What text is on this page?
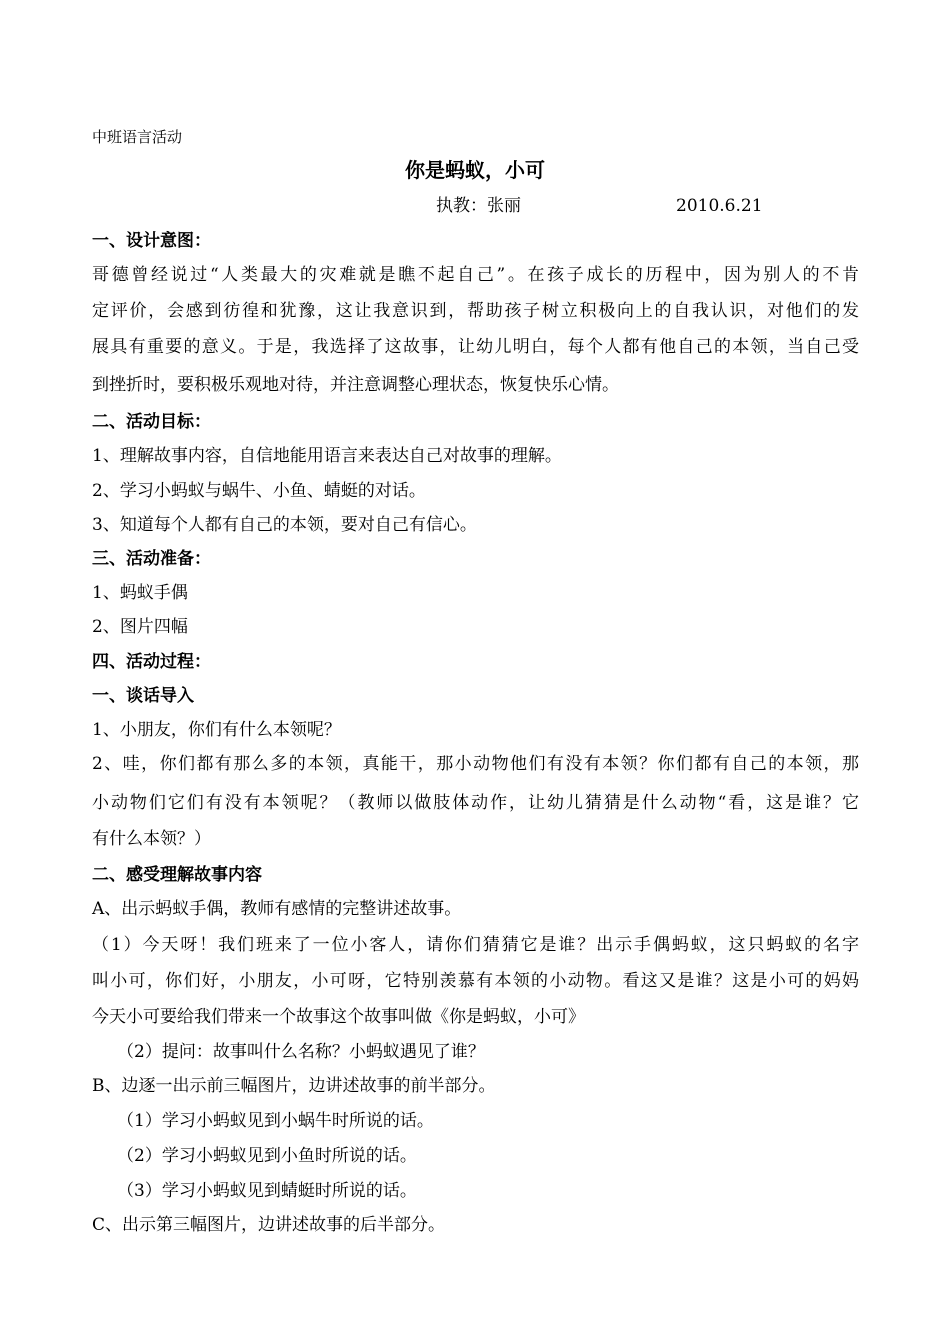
中班语言活动
你是蚂蚁，小可
执教：张丽	2010.6.21
一、设计意图：
哥德曾经说过“人类最大的灾难就是瞧不起自己”。在孩子成长的历程中，因为别人的不肯
定评价，会感到彷徨和犹豫，这让我意识到，帮助孩子树立积极向上的自我认识，对他们的发
展具有重要的意义。于是，我选择了这故事，让幼儿明白，每个人都有他自己的本领，当自己受
到挫折时，要积极乐观地对待，并注意调整心理状态，恢复快乐心情。
二、活动目标：
1、理解故事内容，自信地能用语言来表达自己对故事的理解。
2、学习小蚂蚁与蜗牛、小鱼、蜻蜓的对话。
3、知道每个人都有自己的本领，要对自己有信心。
三、活动准备：
1、蚂蚁手偶
2、图片四幅
四、活动过程：
一、谈话导入
1、小朋友，你们有什么本领呢？
2、哇，你们都有那么多的本领，真能干，那小动物他们有没有本领？你们都有自己的本领，那
小动物们它们有没有本领呢？（教师以做肢体动作，让幼儿猜猜是什么动物“看，这是谁？它
有什么本领？）
二、感受理解故事内容
A、出示蚂蚁手偶，教师有感情的完整讲述故事。
（1）今天呀！我们班来了一位小客人，请你们猜猜它是谁？出示手偶蚂蚁，这只蚂蚁的名字
叫小可，你们好，小朋友，小可呀，它特别羡慕有本领的小动物。看这又是谁？这是小可的妈妈
今天小可要给我们带来一个故事这个故事叫做《你是蚂蚁，小可》
（2）提问：故事叫什么名称？小蚂蚁遇见了谁？
B、边逐一出示前三幅图片，边讲述故事的前半部分。
（1）学习小蚂蚁见到小蜗牛时所说的话。
（2）学习小蚂蚁见到小鱼时所说的话。
（3）学习小蚂蚁见到蜻蜓时所说的话。
C、出示第三幅图片，边讲述故事的后半部分。
